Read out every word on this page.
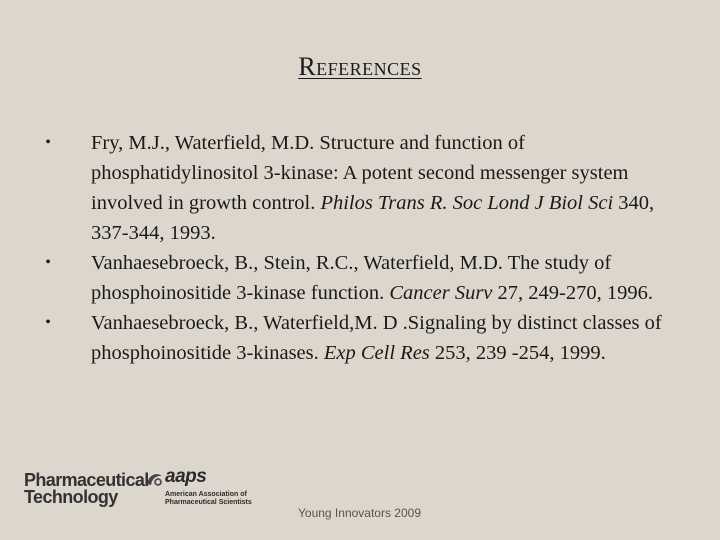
References
• Fry, M.J., Waterfield, M.D. Structure and function of phosphatidylinositol 3-kinase: A potent second messenger system involved in growth control. Philos Trans R. Soc Lond J Biol Sci 340, 337-344, 1993.
• Vanhaesebroeck, B., Stein, R.C., Waterfield, M.D. The study of phosphoinositide 3-kinase function. Cancer Surv 27, 249-270, 1996.
• Vanhaesebroeck, B., Waterfield,M. D .Signaling by distinct classes of phosphoinositide 3-kinases. Exp Cell Res 253, 239 -254, 1999.
Pharmaceutical
Technology
aaps
American Association of
Pharmaceutical Scientists
Young Innovators 2009
